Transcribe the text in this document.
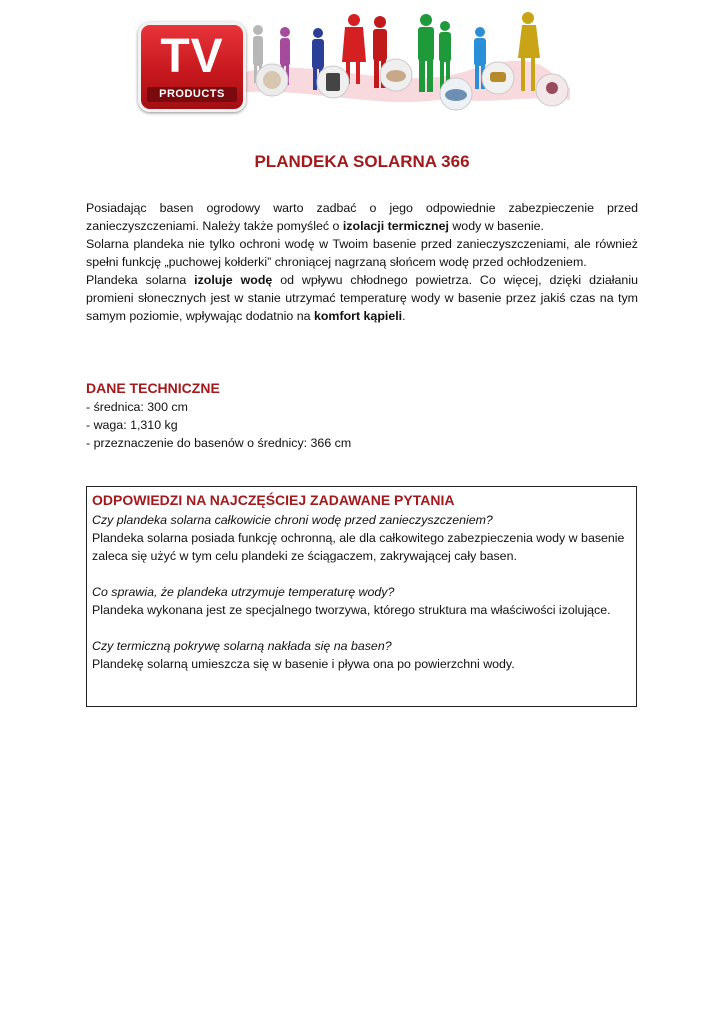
TV
PRODUCTS
PLANDEKA SOLARNA 366

Posiadając basen ogrodowy warto zadbać o jego odpowiednie zabezpieczenie przed zanieczyszczeniami. Należy także pomyśleć o izolacji termicznej wody w basenie.

Solarna plandeka nie tylko ochroni wodę w Twoim basenie przed zanieczyszczeniami, ale również spełni funkcję „puchowej kołderki” chroniącej nagrzaną słońcem wodę przed ochłodzeniem.

Plandeka solarna izoluje wodę od wpływu chłodnego powietrza. Co więcej, dzięki działaniu promieni słonecznych jest w stanie utrzymać temperaturę wody w basenie przez jakiś czas na tym samym poziomie, wpływając dodatnio na komfort kąpieli.

DANE TECHNICZNE
- średnica: 300 cm
- waga: 1,310 kg
- przeznaczenie do basenów o średnicy: 366 cm
ODPOWIEDZI NA NAJCZĘŚCIEJ ZADAWANE PYTANIA
Czy plandeka solarna całkowicie chroni wodę przed zanieczyszczeniem?
Plandeka solarna posiada funkcję ochronną, ale dla całkowitego zabezpieczenia wody w basenie zaleca się użyć w tym celu plandeki ze ściągaczem, zakrywającej cały basen.
Co sprawia, że plandeka utrzymuje temperaturę wody?
Plandeka wykonana jest ze specjalnego tworzywa, którego struktura ma właściwości izolujące.
Czy termiczną pokrywę solarną nakłada się na basen?
Plandekę solarną umieszcza się w basenie i pływa ona po powierzchni wody.
